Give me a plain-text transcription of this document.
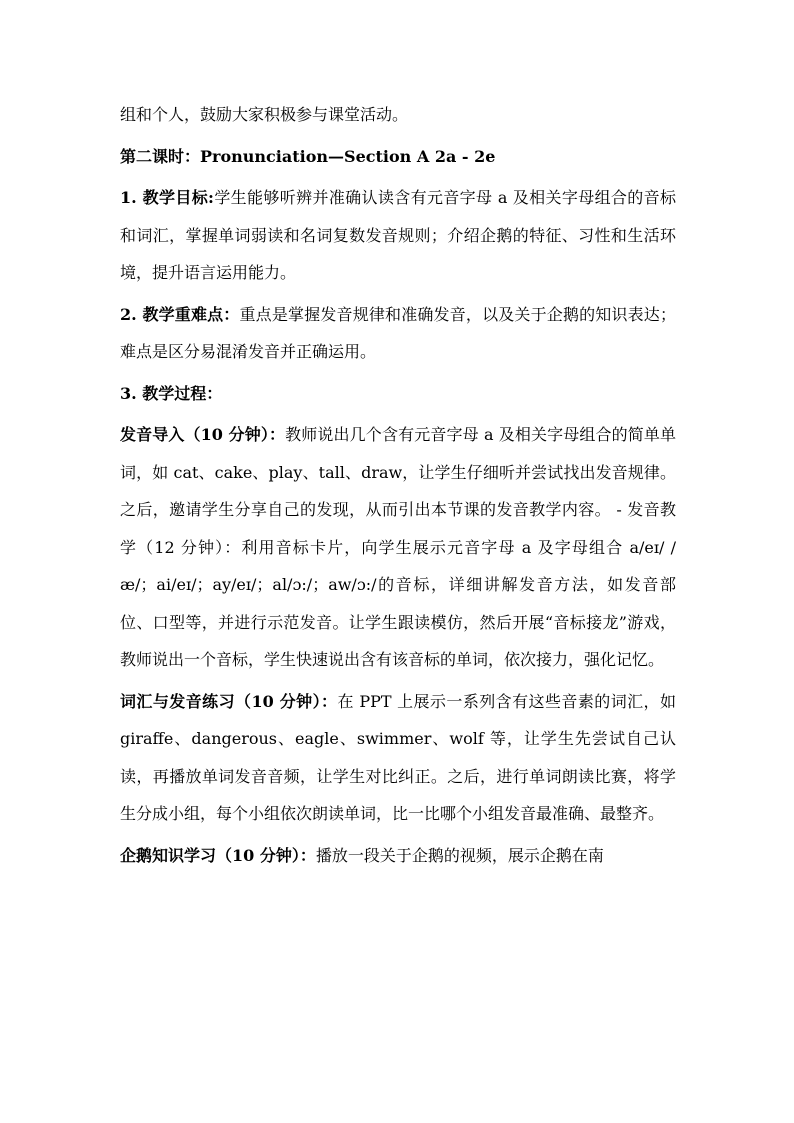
组和个人，鼓励大家积极参与课堂活动。

第二课时：Pronunciation—Section A 2a - 2e

1. 教学目标:学生能够听辨并准确认读含有元音字母 a 及相关字母组合的音标和词汇，掌握单词弱读和名词复数发音规则；介绍企鹅的特征、习性和生活环境，提升语言运用能力。

2. 教学重难点：重点是掌握发音规律和准确发音，以及关于企鹅的知识表达；难点是区分易混淆发音并正确运用。

3. 教学过程：

发音导入（10 分钟）：教师说出几个含有元音字母 a 及相关字母组合的简单单词，如 cat、cake、play、tall、draw，让学生仔细听并尝试找出发音规律。之后，邀请学生分享自己的发现，从而引出本节课的发音教学内容。 - 发音教学（12 分钟）：利用音标卡片，向学生展示元音字母 a 及字母组合 a/eɪ/ /æ/；ai/eɪ/；ay/eɪ/；al/ɔ:/；aw/ɔ:/的音标，详细讲解发音方法，如发音部位、口型等，并进行示范发音。让学生跟读模仿，然后开展“音标接龙”游戏，教师说出一个音标，学生快速说出含有该音标的单词，依次接力，强化记忆。

词汇与发音练习（10 分钟）：在 PPT 上展示一系列含有这些音素的词汇，如 giraffe、dangerous、eagle、swimmer、wolf 等，让学生先尝试自己认读，再播放单词发音音频，让学生对比纠正。之后，进行单词朗读比赛，将学生分成小组，每个小组依次朗读单词，比一比哪个小组发音最准确、最整齐。

企鹅知识学习（10 分钟）：播放一段关于企鹅的视频，展示企鹅在南
